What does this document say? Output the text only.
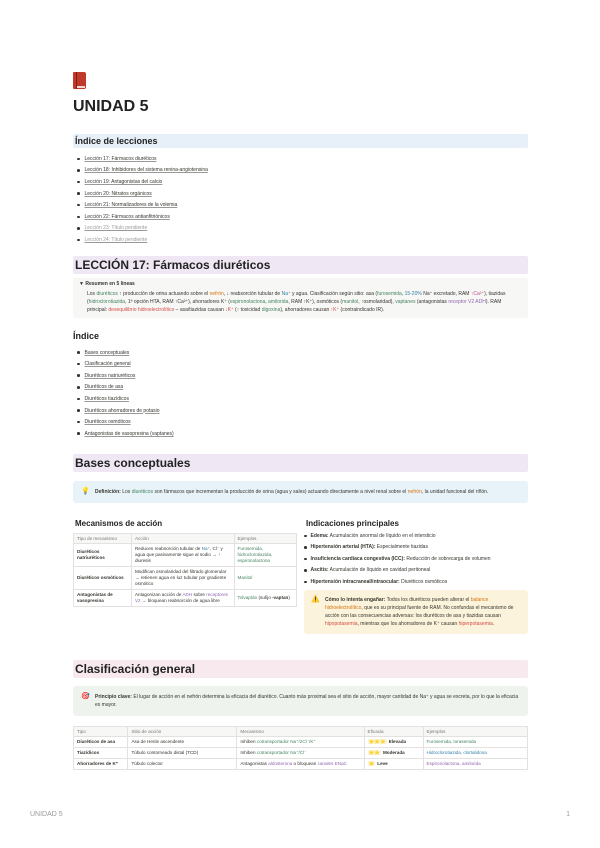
UNIDAD 5
Índice de lecciones
Lección 17: Fármacos diuréticos
Lección 18: Inhibidores del sistema renina-angiotensina
Lección 19: Antagonistas del calcio
Lección 20: Nitratos orgánicos
Lección 21: Normalizadores de la volemia
Lección 22: Fármacos antianfitriónicos
Lección 23: Título pendiente
Lección 24: Título pendiente
LECCIÓN 17: Fármacos diuréticos
▼ Resumen en 5 líneas

Los diuréticos ↑ producción de orina actuando sobre el nefrón, ↓ reabsorción tubular de Na⁺ y agua. Clasificación según sitio: asa (furosemida, 15-20% Na⁺ excretado, RAM ↑Ca²⁺), tiazidas (hidroclorotiazida, 1ª opción HTA, RAM ↑Ca²⁺), ahorradores K⁺ (espironolactona, amilorida, RAM ↑K⁺), osmóticos (manitol, ↑osmolaridad), vaptanes (antagonistas receptor V2 ADH). RAM principal: desequilibrio hidroelectrolítico – asa/tiazidas causan ↓K⁺ (↑ toxicidad digoxina), ahorradores causan ↑K⁺ (contraindicado IR).

Índice
Bases conceptuales
Clasificación general
Diuréticos natriuréticos
Diuréticos de asa
Diuréticos tiazídicos
Diuréticos ahorradores de potasio
Diuréticos osmóticos
Antagonistas de vasopresina (vaptanes)
Bases conceptuales
💡 Definición: Los diuréticos son fármacos que incrementan la producción de orina (agua y sales) actuando directamente a nivel renal sobre el nefrón, la unidad funcional del riñón.
Mecanismos de acción
Tipo de mecanismo	Acción	Ejemplos
Diuréticos natriuréticos	Reducen reabsorción tubular de Na⁺, Cl⁻ y agua que pasivamente sigue al sodio → ↑ diuresis	Furosemida, hidroclorotiazida, espironolactona
Diuréticos osmóticos	Modifican osmolaridad del filtrado glomerular → retienen agua en luz tubular por gradiente osmótico	Manitol
Antagonistas de vasopresina	Antagonizan acción de ADH sobre receptores V2 → bloquean reabsorción de agua libre	Tolvaptán (sufijo -vaptan)
Indicaciones principales
Edema: Acumulación anormal de líquido en el intersticio
Hipertensión arterial (HTA): Especialmente tiazidas
Insuficiencia cardíaca congestiva (ICC): Reducción de sobrecarga de volumen
Ascitis: Acumulación de líquido en cavidad peritoneal
Hipertensión intracraneal/intraocular: Diuréticos osmóticos
⚠️ Cómo lo intenta engañar: Todos los diuréticos pueden alterar el balance hidroelectrolítico, que es su principal fuente de RAM. No confundas el mecanismo de acción con las consecuencias adversas: los diuréticos de asa y tiazidas causan hipopotasemia, mientras que los ahorradores de K⁺ causan hiperpotasemia.
Clasificación general
🎯 Principio clave: El lugar de acción en el nefrón determina la eficacia del diurético. Cuanto más proximal sea el sitio de acción, mayor cantidad de Na⁺ y agua se excreta, por lo que la eficacia es mayor.
Tipo	Sitio de acción	Mecanismo	Eficacia	Ejemplos
Diuréticos de asa	Asa de Henle ascendente	Inhiben cotransportador Na⁺/2Cl⁻/K⁺	⭐⭐⭐ Elevada	Furosemida, torasemida
Tiazídicos	Túbulo contorneado distal (TCD)	Inhiben cotransportador Na⁺/Cl⁻	⭐⭐ Moderada	Hidroclorotiazida, clortalidona
Ahorradores de K⁺	Túbulo colector	Antagonistas aldosterona o bloquean canales ENaC	⭐ Leve	Espironolactona, amilorida
UNIDAD 5	1
